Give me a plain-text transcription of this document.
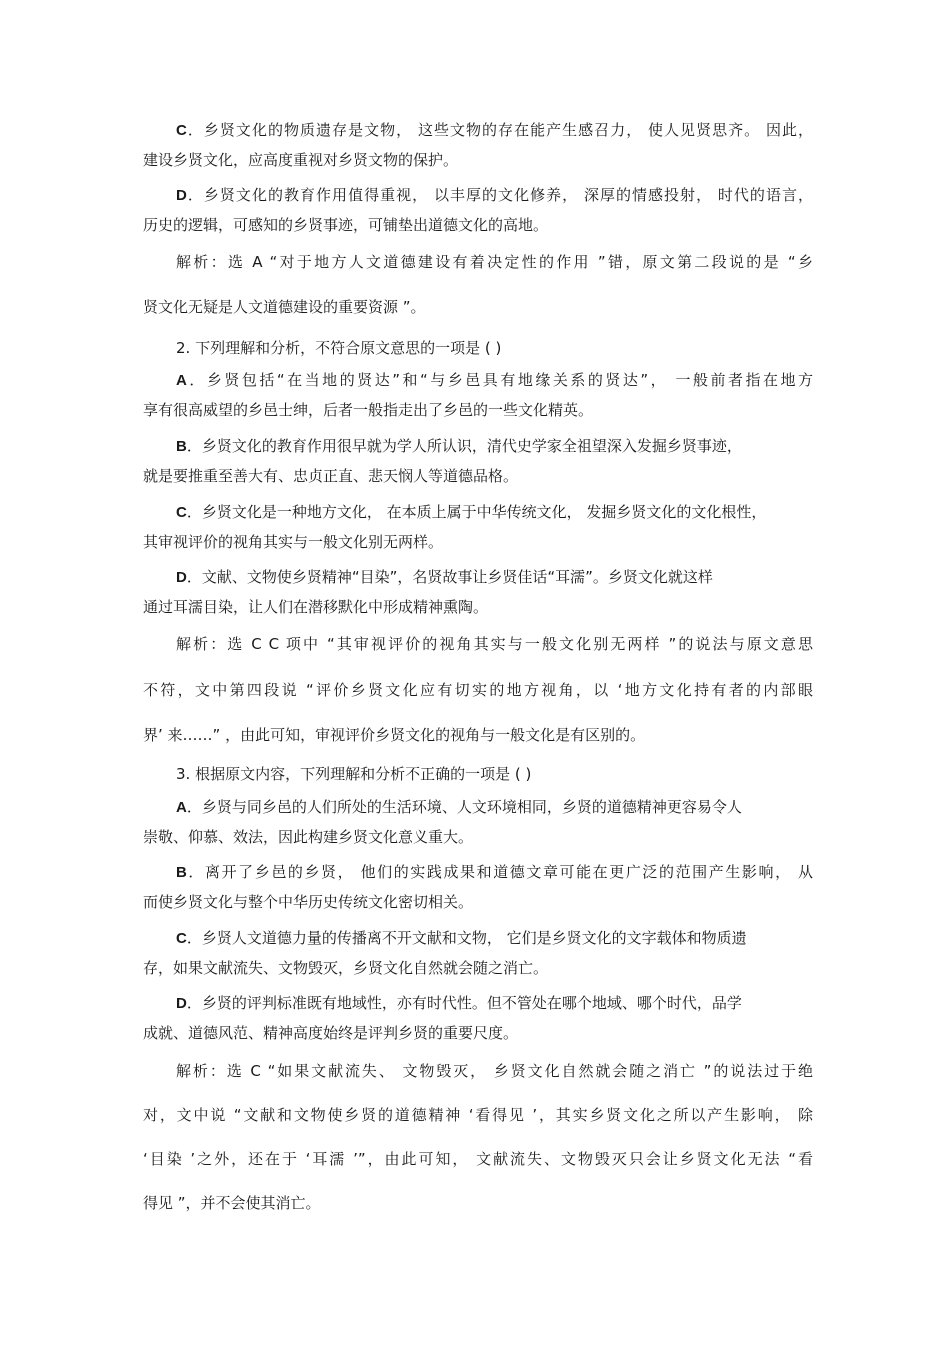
C．乡贤文化的物质遗存是文物， 这些文物的存在能产生感召力， 使人见贤思齐。 因此，
建设乡贤文化，应高度重视对乡贤文物的保护。
D．乡贤文化的教育作用值得重视， 以丰厚的文化修养， 深厚的情感投射， 时代的语言，
历史的逻辑，可感知的乡贤事迹，可铺垫出道德文化的高地。
解析：选 A “对于地方人文道德建设有着决定性的作用 ”错，原文第二段说的是 “乡
贤文化无疑是人文道德建设的重要资源 ”。
2. 下列理解和分析，不符合原文意思的一项是 ( )
A．乡贤包括“在当地的贤达”和“与乡邑具有地缘关系的贤达”， 一般前者指在地方
享有很高威望的乡邑士绅，后者一般指走出了乡邑的一些文化精英。
B．乡贤文化的教育作用很早就为学人所认识，清代史学家全祖望深入发掘乡贤事迹，
就是要推重至善大有、忠贞正直、悲天悯人等道德品格。
C．乡贤文化是一种地方文化， 在本质上属于中华传统文化， 发掘乡贤文化的文化根性，
其审视评价的视角其实与一般文化别无两样。
D．文献、文物使乡贤精神“目染”，名贤故事让乡贤佳话“耳濡”。乡贤文化就这样
通过耳濡目染，让人们在潜移默化中形成精神熏陶。
解析：选 C C 项中 “其审视评价的视角其实与一般文化别无两样 ”的说法与原文意思
不符，文中第四段说 “评价乡贤文化应有切实的地方视角，以 ‘地方文化持有者的内部眼
界’ 来……” ，由此可知，审视评价乡贤文化的视角与一般文化是有区别的。
3. 根据原文内容，下列理解和分析不正确的一项是 ( )
A．乡贤与同乡邑的人们所处的生活环境、人文环境相同，乡贤的道德精神更容易令人
崇敬、仰慕、效法，因此构建乡贤文化意义重大。
B．离开了乡邑的乡贤， 他们的实践成果和道德文章可能在更广泛的范围产生影响， 从
而使乡贤文化与整个中华历史传统文化密切相关。
C．乡贤人文道德力量的传播离不开文献和文物， 它们是乡贤文化的文字载体和物质遗
存，如果文献流失、文物毁灭，乡贤文化自然就会随之消亡。
D．乡贤的评判标准既有地域性，亦有时代性。但不管处在哪个地域、哪个时代，品学
成就、道德风范、精神高度始终是评判乡贤的重要尺度。
解析：选 C “如果文献流失、 文物毁灭， 乡贤文化自然就会随之消亡 ”的说法过于绝
对，文中说 “文献和文物使乡贤的道德精神 ‘看得见 ’，其实乡贤文化之所以产生影响， 除
‘目染 ’之外，还在于 ‘耳濡 ’”，由此可知， 文献流失、文物毁灭只会让乡贤文化无法 “看
得见 ”，并不会使其消亡。
